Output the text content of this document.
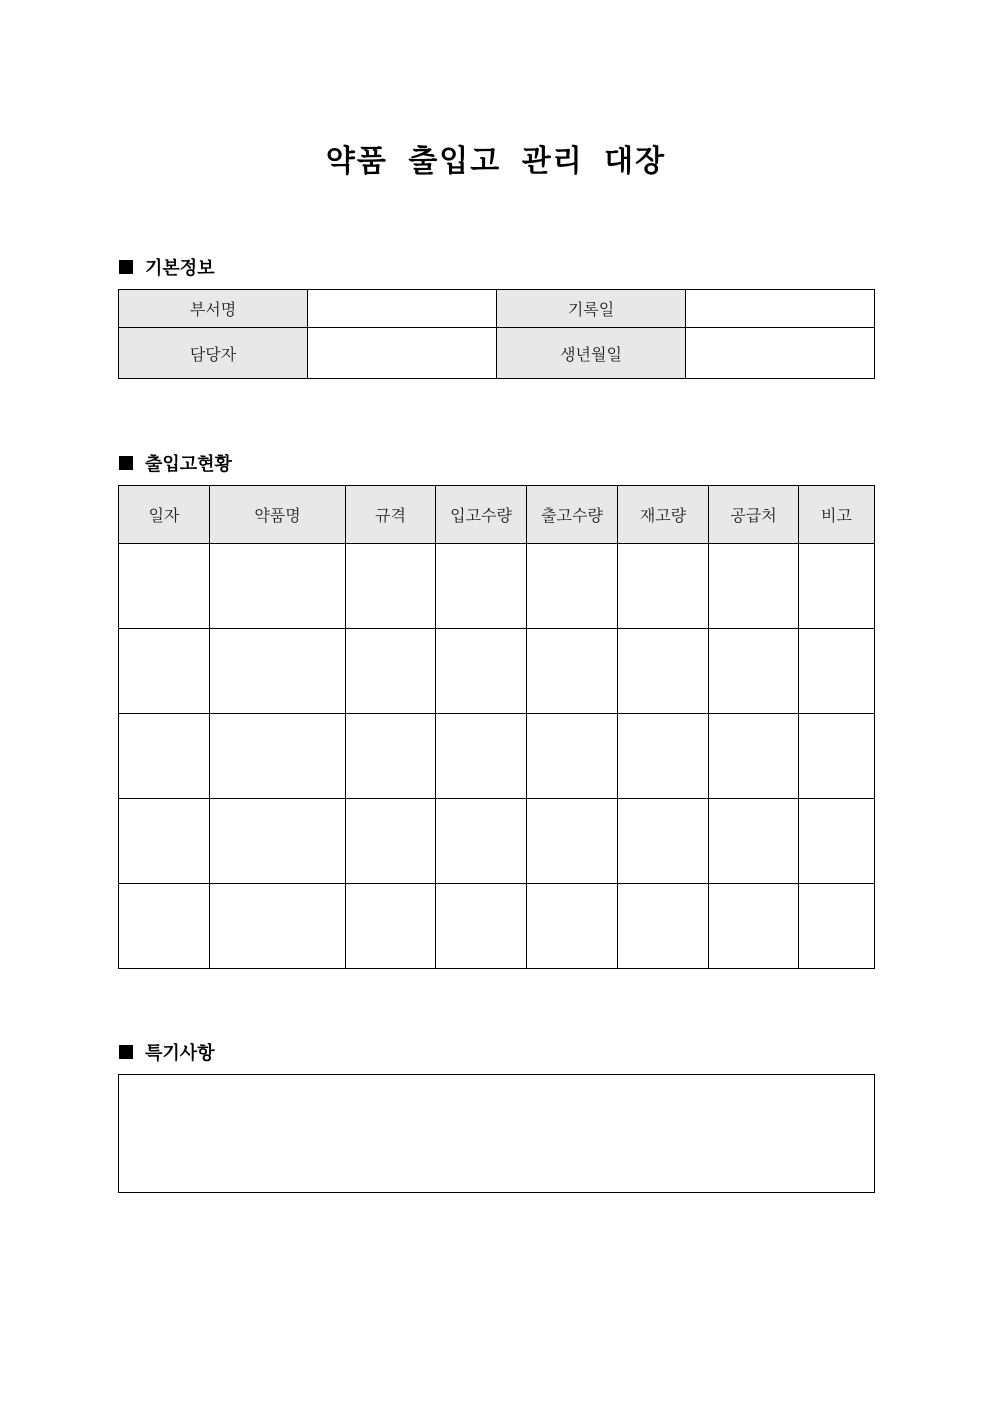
약품 출입고 관리 대장
기본정보
부서명		기록일	
담당자		생년월일	
출입고현황
일자	약품명	규격	입고수량	출고수량	재고량	공급처	비고

특기사항
